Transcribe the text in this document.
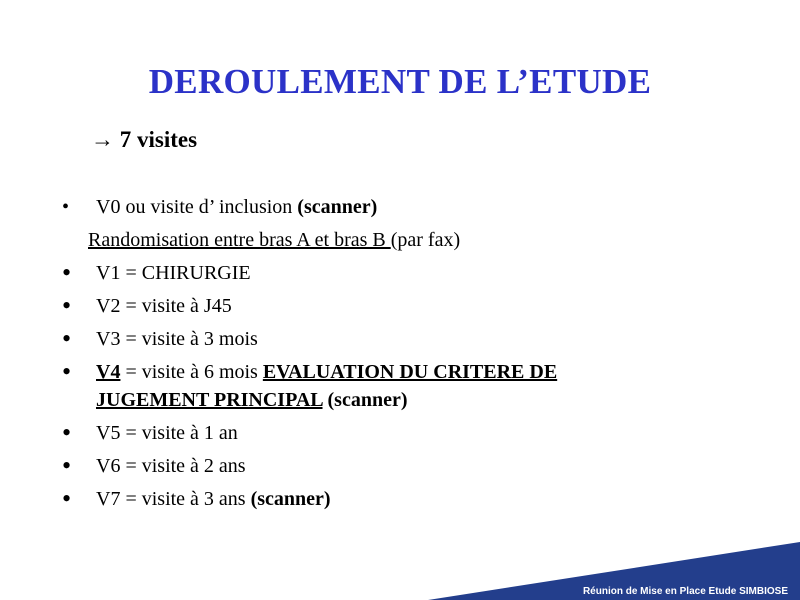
DEROULEMENT DE L’ETUDE
→ 7 visites
•	V0 ou visite d’ inclusion (scanner)
Randomisation entre bras A et bras B (par fax)
•	V1 = CHIRURGIE
•	V2 = visite à J45
•	V3 = visite à 3 mois
•	V4 = visite à 6 mois EVALUATION DU CRITERE DE
JUGEMENT PRINCIPAL (scanner)
•	V5 = visite à 1 an
•	V6 = visite à 2 ans
•	V7 = visite à 3 ans (scanner)
Réunion de Mise en Place Etude SIMBIOSE
